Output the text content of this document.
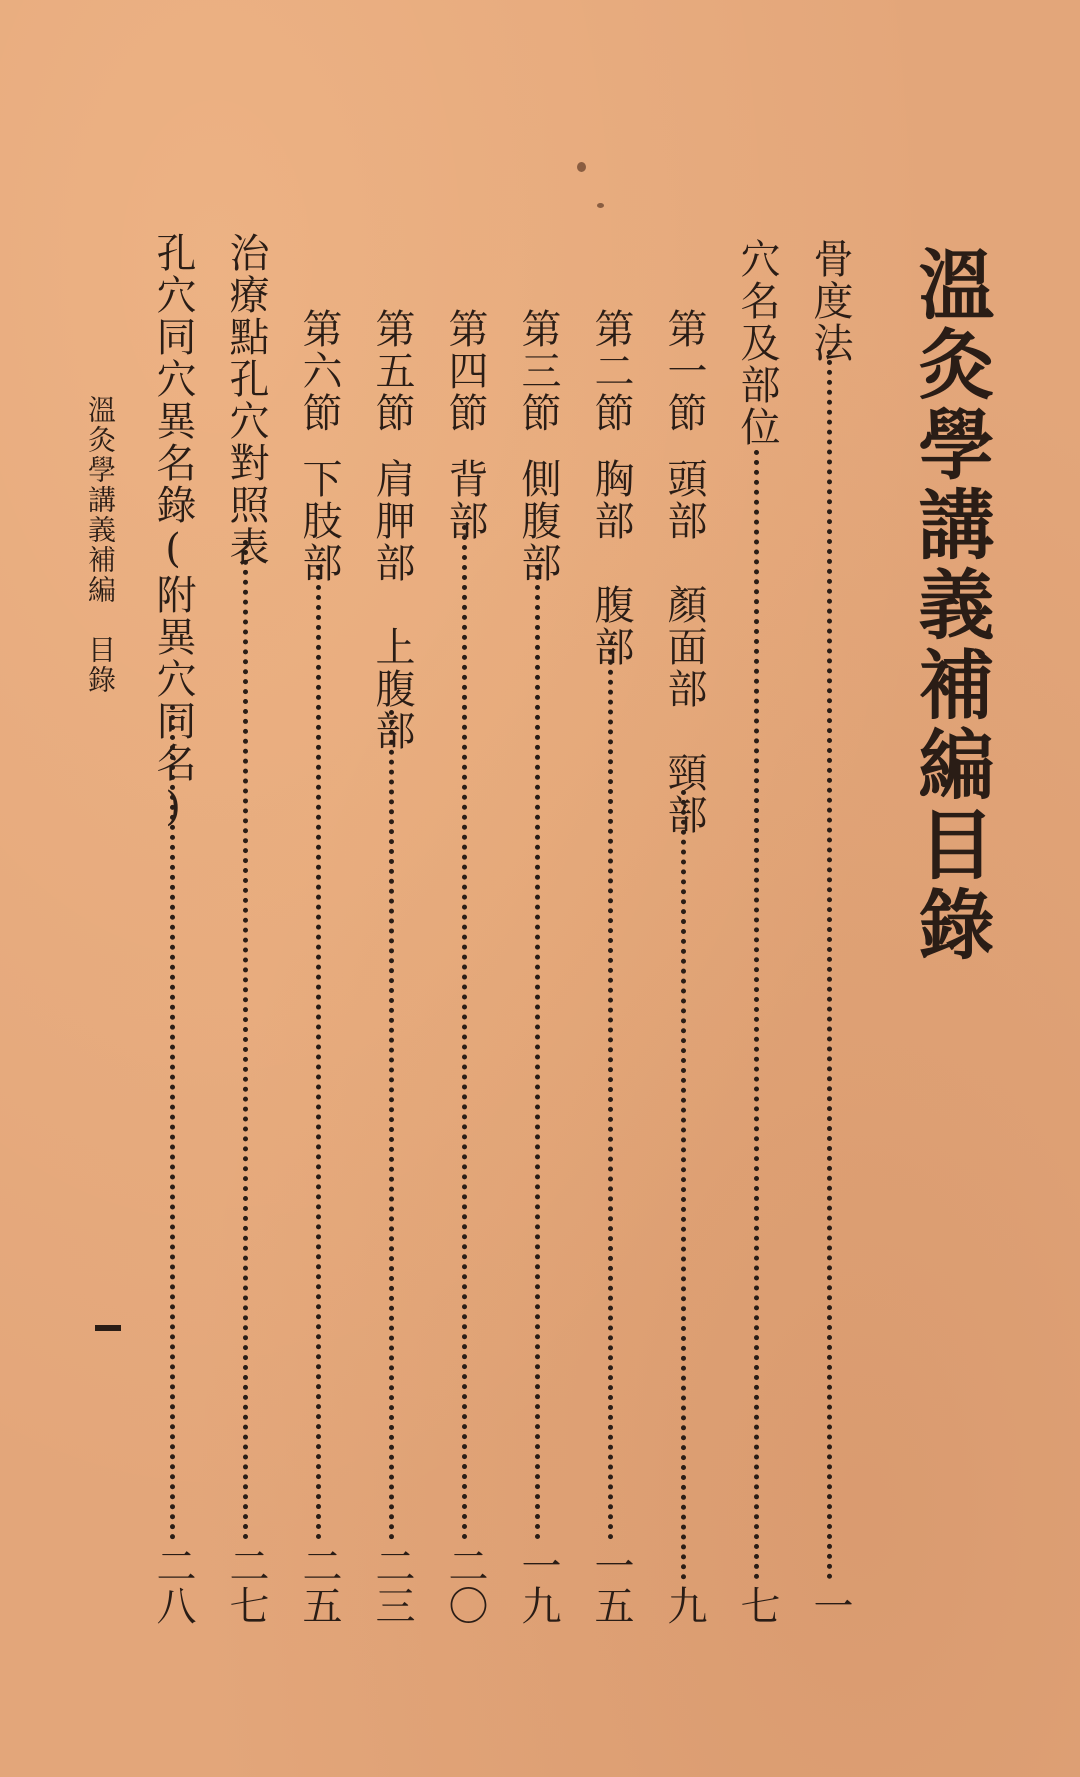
溫灸學講義補編目錄
骨度法
一
穴名及部位
七
第一節頭部　顏面部　頸部
九
第二節胸部　腹部
一五
第三節側腹部
一九
第四節背部
二〇
第五節肩胛部　上腹部
二三
第六節下肢部
二五
治療點孔穴對照表
二七
孔穴同穴異名錄(附異穴同名)
二八
溫灸學講義補編　目錄
